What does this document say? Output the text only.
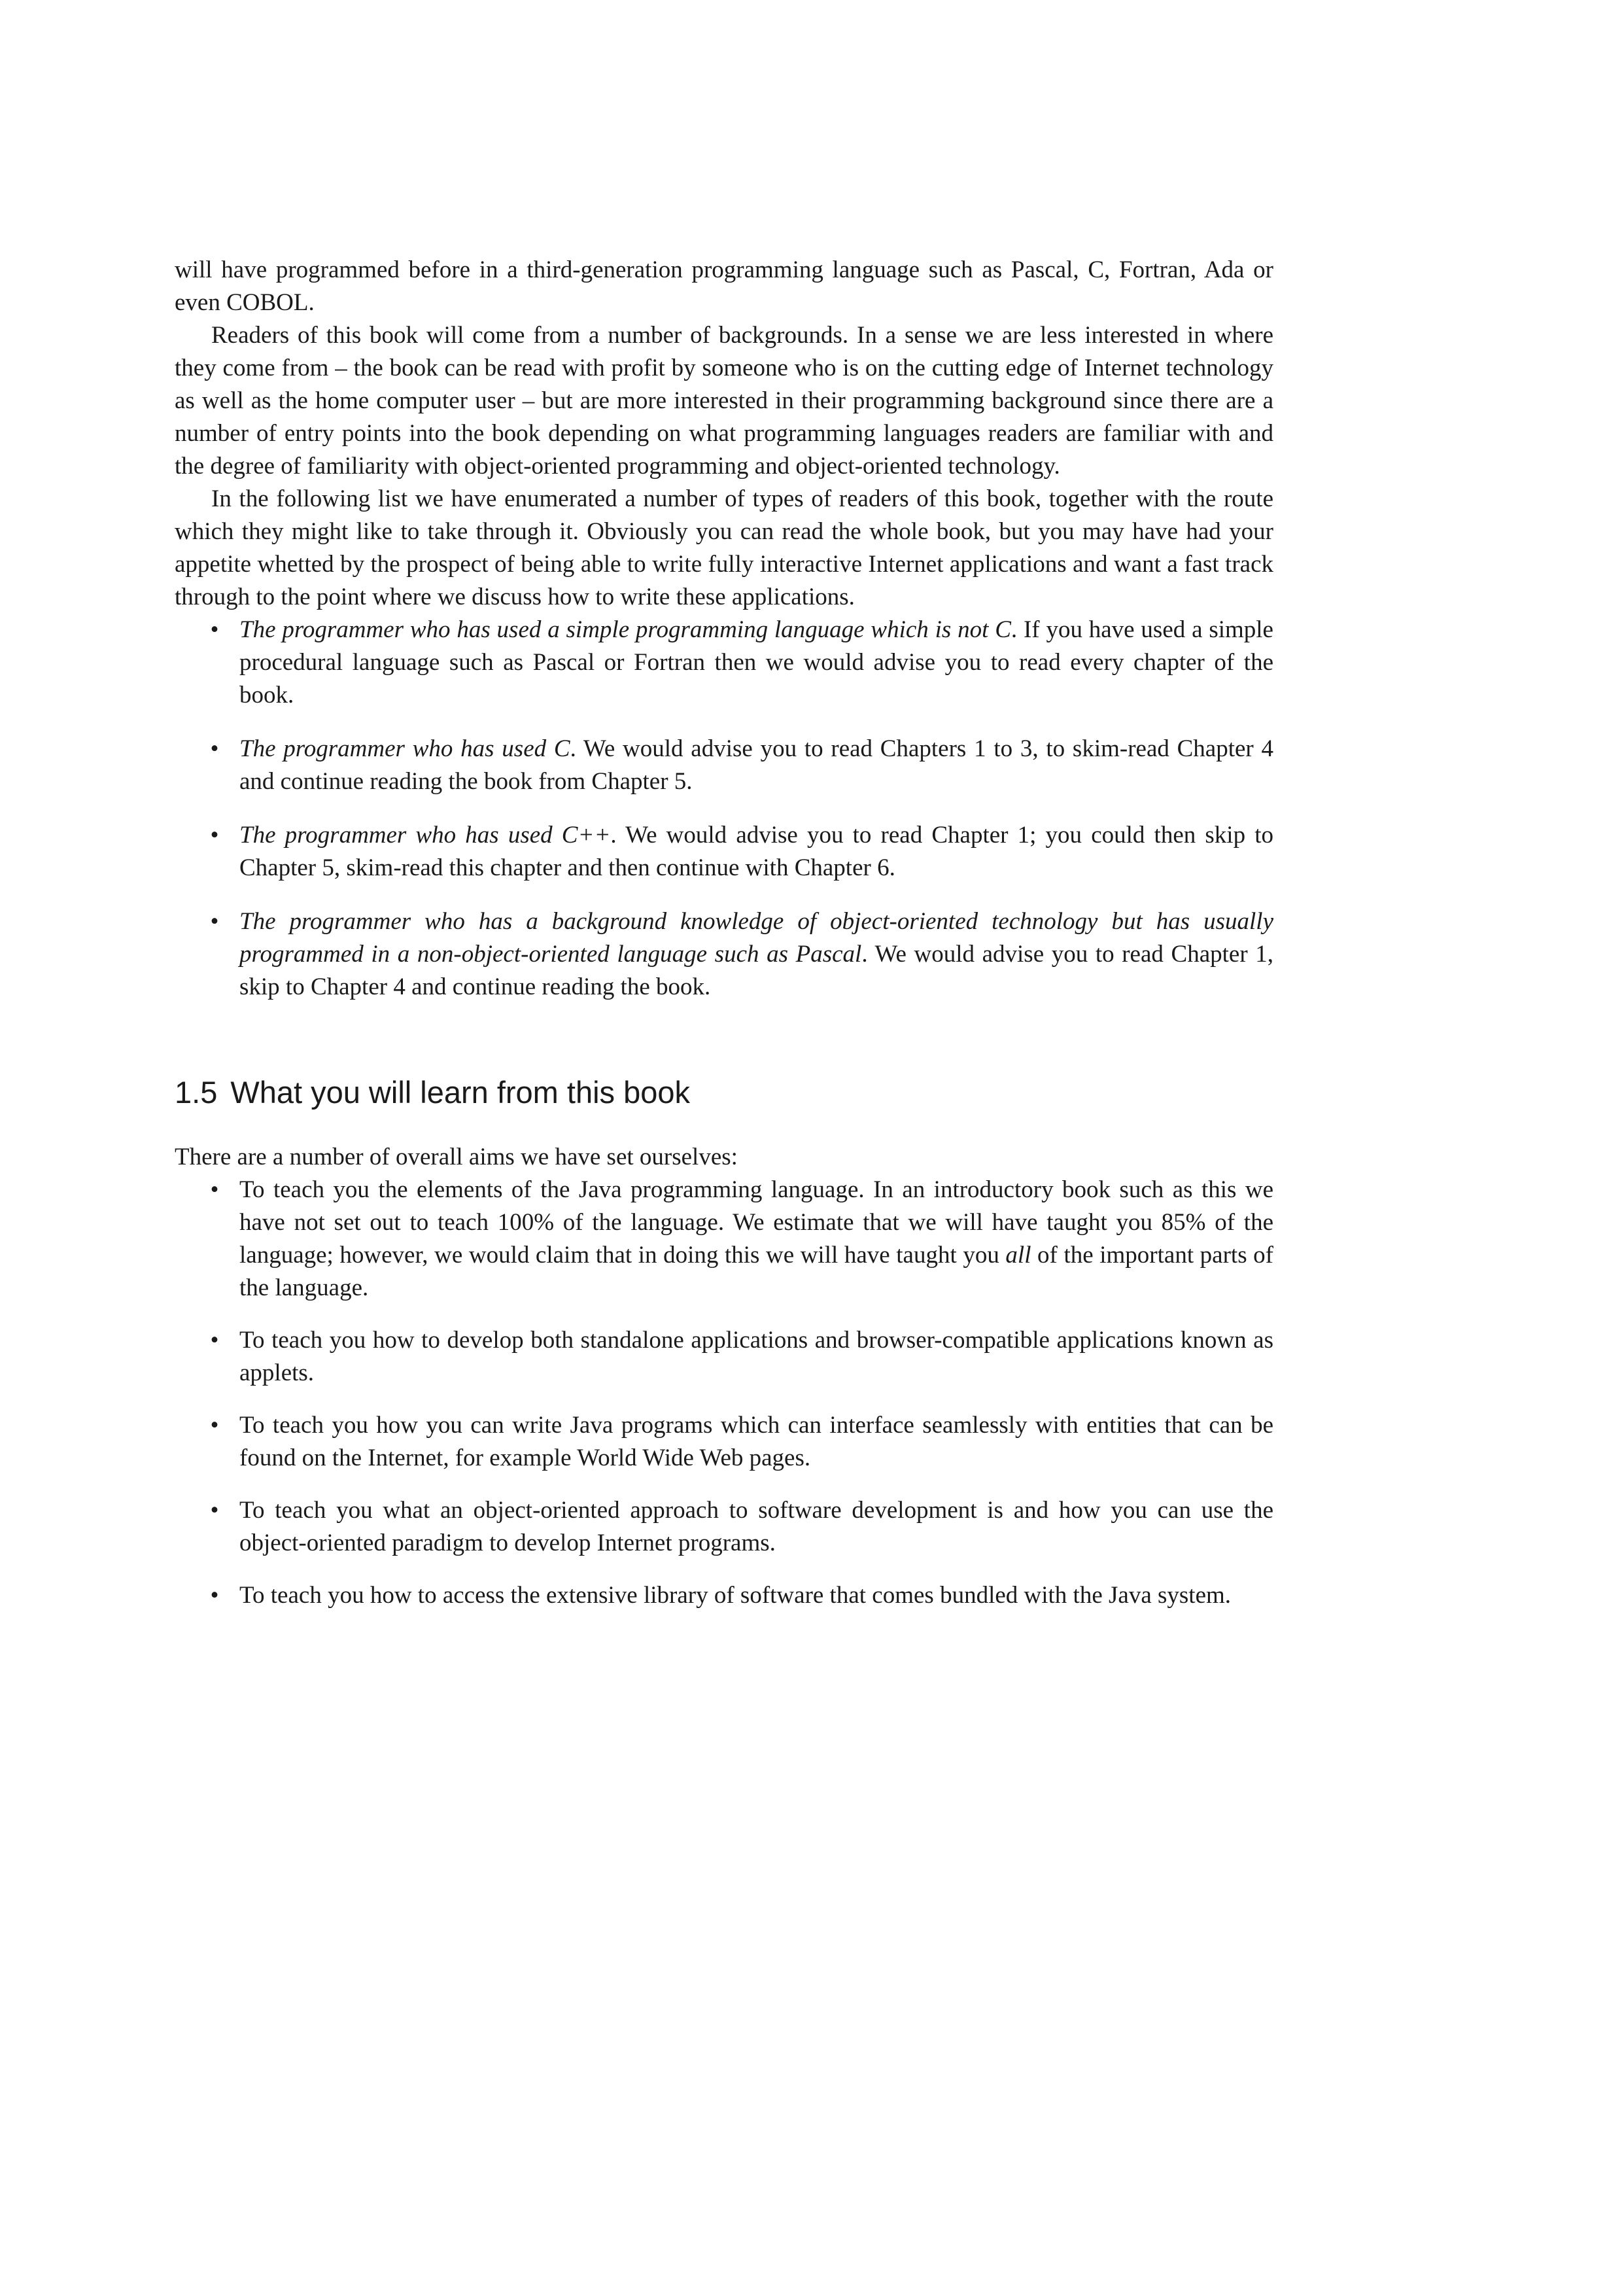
will have programmed before in a third-generation programming language such as Pascal, C, Fortran, Ada or even COBOL.

Readers of this book will come from a number of backgrounds. In a sense we are less interested in where they come from – the book can be read with profit by someone who is on the cutting edge of Internet technology as well as the home computer user – but are more interested in their programming background since there are a number of entry points into the book depending on what programming languages readers are familiar with and the degree of familiarity with object-oriented programming and object-oriented technology.

In the following list we have enumerated a number of types of readers of this book, together with the route which they might like to take through it. Obviously you can read the whole book, but you may have had your appetite whetted by the prospect of being able to write fully interactive Internet applications and want a fast track through to the point where we discuss how to write these applications.

• The programmer who has used a simple programming language which is not C. If you have used a simple procedural language such as Pascal or Fortran then we would advise you to read every chapter of the book.
• The programmer who has used C. We would advise you to read Chapters 1 to 3, to skim-read Chapter 4 and continue reading the book from Chapter 5.
• The programmer who has used C++. We would advise you to read Chapter 1; you could then skip to Chapter 5, skim-read this chapter and then continue with Chapter 6.
• The programmer who has a background knowledge of object-oriented technology but has usually programmed in a non-object-oriented language such as Pascal. We would advise you to read Chapter 1, skip to Chapter 4 and continue reading the book.
1.5 What you will learn from this book

There are a number of overall aims we have set ourselves:

• To teach you the elements of the Java programming language. In an introductory book such as this we have not set out to teach 100% of the language. We estimate that we will have taught you 85% of the language; however, we would claim that in doing this we will have taught you all of the important parts of the language.
• To teach you how to develop both standalone applications and browser-compatible applications known as applets.
• To teach you how you can write Java programs which can interface seamlessly with entities that can be found on the Internet, for example World Wide Web pages.
• To teach you what an object-oriented approach to software development is and how you can use the object-oriented paradigm to develop Internet programs.
• To teach you how to access the extensive library of software that comes bundled with the Java system.
